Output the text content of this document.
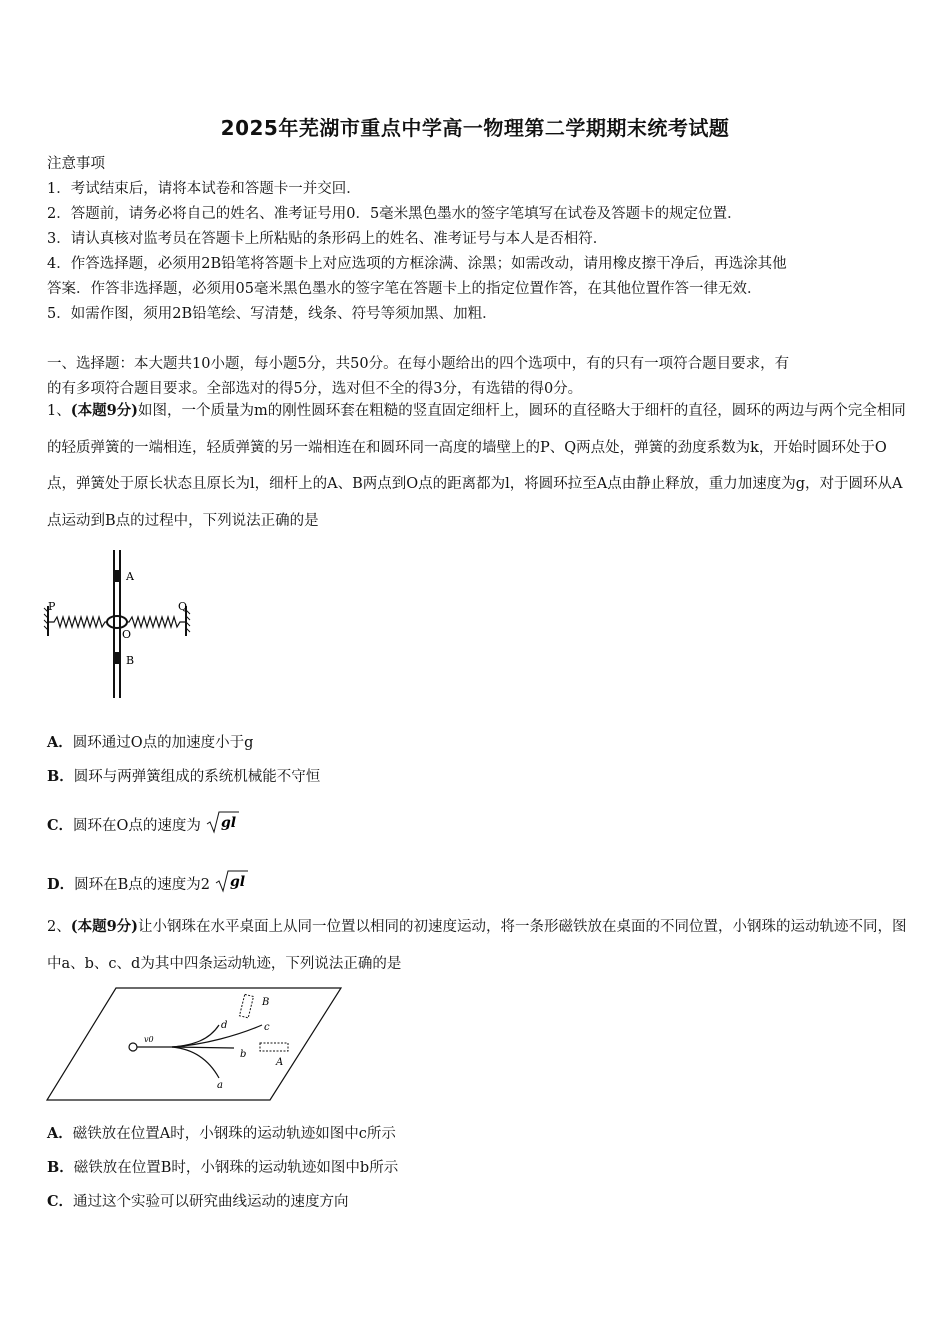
2025年芜湖市重点中学高一物理第二学期期末统考试题
注意事项
1．考试结束后，请将本试卷和答题卡一并交回．
2．答题前，请务必将自己的姓名、准考证号用0．5毫米黑色墨水的签字笔填写在试卷及答题卡的规定位置．
3．请认真核对监考员在答题卡上所粘贴的条形码上的姓名、准考证号与本人是否相符．
4．作答选择题，必须用2B铅笔将答题卡上对应选项的方框涂满、涂黑；如需改动，请用橡皮擦干净后，再选涂其他
答案．作答非选择题，必须用05毫米黑色墨水的签字笔在答题卡上的指定位置作答，在其他位置作答一律无效．
5．如需作图，须用2B铅笔绘、写清楚，线条、符号等须加黑、加粗．
一、选择题：本大题共10小题，每小题5分，共50分。在每小题给出的四个选项中，有的只有一项符合题目要求，有
的有多项符合题目要求。全部选对的得5分，选对但不全的得3分，有选错的得0分。
1、(本题9分)如图，一个质量为m的刚性圆环套在粗糙的竖直固定细杆上，圆环的直径略大于细杆的直径，圆环的两边与两个完全相同的轻质弹簧的一端相连，轻质弹簧的另一端相连在和圆环同一高度的墙壁上的P、Q两点处，弹簧的劲度系数为k，开始时圆环处于O点，弹簧处于原长状态且原长为l，细杆上的A、B两点到O点的距离都为l，将圆环拉至A点由静止释放，重力加速度为g，对于圆环从A点运动到B点的过程中，下列说法正确的是
A
P	Q
O
B
A．圆环通过O点的加速度小于g
B．圆环与两弹簧组成的系统机械能不守恒
C．圆环在O点的速度为 gl
D．圆环在B点的速度为2 gl
2、(本题9分)让小钢珠在水平桌面上从同一位置以相同的初速度运动，将一条形磁铁放在桌面的不同位置，小钢珠的运动轨迹不同，图中a、b、c、d为其中四条运动轨迹，下列说法正确的是
B
d	c
v0
b
A
a
A．磁铁放在位置A时，小钢珠的运动轨迹如图中c所示
B．磁铁放在位置B时，小钢珠的运动轨迹如图中b所示
C．通过这个实验可以研究曲线运动的速度方向
